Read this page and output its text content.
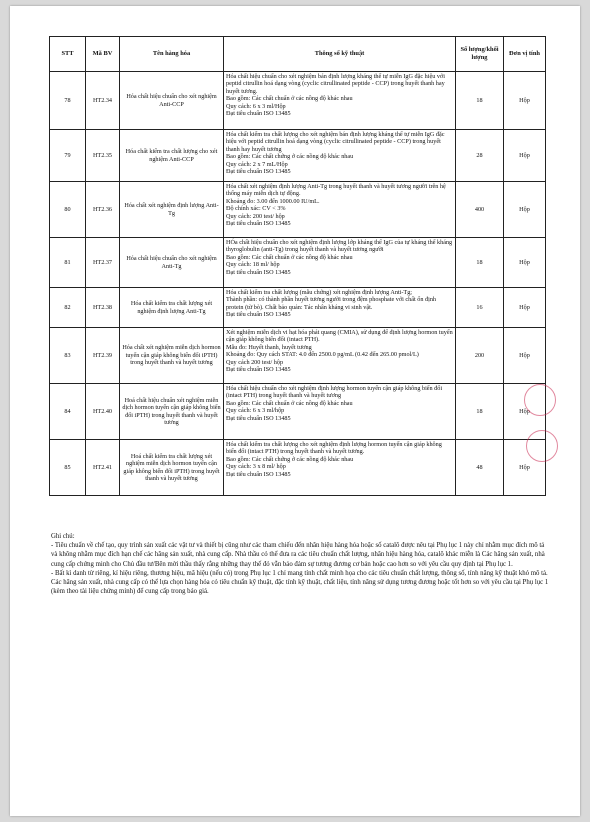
STT	Mã BV	Tên hàng hóa	Thông số kỹ thuật	Số lượng/khối lượng	Đơn vị tính
78	HT2.34	Hóa chất hiệu chuẩn cho xét nghiệm Anti-CCP	Hóa chất hiệu chuẩn cho xét nghiệm bán định lượng kháng thể tự miễn IgG đặc hiệu với peptid citrullin hoá dạng vòng (cyclic citrullinated peptide - CCP) trong huyết thanh hay huyết tương.
Bao gồm: Các chất chuẩn ở các nồng độ khác nhau
Quy cách: 6 x 3 ml/Hộp
Đạt tiêu chuẩn ISO 13485	18	Hộp
79	HT2.35	Hóa chất kiểm tra chất lượng cho xét nghiệm Anti-CCP	Hóa chất kiểm tra chất lượng cho xét nghiệm bán định lượng kháng thể tự miễn IgG đặc hiệu với peptid citrullin hoá dạng vòng (cyclic citrullinated peptide - CCP) trong huyết thanh hay huyết tương
Bao gồm: Các chất chứng ở các nồng độ khác nhau
Quy cách: 2 x 7 mL/Hộp
Đạt tiêu chuẩn ISO 13485	28	Hộp
80	HT2.36	Hóa chất xét nghiệm định lượng Anti-Tg	Hóa chất xét nghiệm định lượng Anti-Tg trong huyết thanh và huyết tương người trên hệ thống máy miễn dịch tự động.
Khoảng đo: 3.00 đến 1000.00 IU/mL.
Độ chính xác: CV < 3%
Quy cách: 200 test/ hộp
Đạt tiêu chuẩn ISO 13485	400	Hộp
81	HT2.37	Hóa chất hiệu chuẩn cho xét nghiệm Anti-Tg	HÓa chất hiệu chuẩn cho xét nghiệm định lượng lớp kháng thể IgG của tự kháng thể kháng thyroglobulin (anti-Tg) trong huyết thanh và huyết tương người
Bao gồm: Các chất chuẩn ở các nồng độ khác nhau
Quy cách: 18 ml/ hộp
Đạt tiêu chuẩn ISO 13485	18	Hộp
82	HT2.38	Hóa chất kiểm tra chất lượng xét nghiệm định lượng Anti-Tg	Hóa chất kiểm tra chất lượng (mẫu chứng) xét nghiệm định lượng Anti-Tg;
Thành phần: có thành phần huyết tương người trong đệm phosphate với chất ổn định protein (từ bò). Chất bảo quản: Tác nhân kháng vi sinh vật.
Đạt tiêu chuẩn ISO 13485	16	Hộp
83	HT2.39	Hóa chất xét nghiệm miễn dịch hormon tuyến cận giáp không biến đổi iPTH) trong huyết thanh và huyết tương	Xét nghiệm miễn dịch vi hạt hóa phát quang (CMIA), sử dụng để định lượng hormon tuyến cận giáp không biến đổi (intact PTH).
Mẫu đo: Huyết thanh, huyết tương
Khoảng đo: Quy cách STAT: 4.0 đến 2500.0 pg/mL (0.42 đến 265.00 pmol/L)
Quy cách 200 test/ hộp
Đạt tiêu chuẩn ISO 13485	200	Hộp
84	HT2.40	Hoá chất hiệu chuẩn xét nghiệm miễn dịch hormon tuyến cận giáp không biến đổi iPTH) trong huyết thanh và huyết tương	Hóa chất hiệu chuẩn cho xét nghiệm định lượng hormon tuyến cận giáp không biến đổi (intact PTH) trong huyết thanh và huyết tương
Bao gồm: Các chất chuẩn ở các nồng độ khác nhau
Quy cách: 6 x 3 ml/hộp
Đạt tiêu chuẩn ISO 13485	18	Hộp
85	HT2.41	Hoá chất kiểm tra chất lượng xét nghiệm miễn dịch hormon tuyến cận giáp không biến đổi iPTH) trong huyết thanh và huyết tương	Hóa chất kiểm tra chất lượng cho xét nghiệm định lượng hormon tuyến cận giáp không biến đổi (intact PTH) trong huyết thanh và huyết tương.
Bao gồm: Các chất chứng ở các nồng độ khác nhau
Quy cách: 3 x 8 ml/ hộp
Đạt tiêu chuẩn ISO 13485	48	Hộp

Ghi chú:

- Tiêu chuẩn về chế tạo, quy trình sản xuất các vật tư và thiết bị cũng như các tham chiếu đến nhãn hiệu hàng hóa hoặc số catalô được nêu tại Phụ lục 1 này chỉ nhằm mục đích mô tả và không nhằm mục đích hạn chế các hãng sản xuất, nhà cung cấp. Nhà thầu có thể đưa ra các tiêu chuẩn chất lượng, nhãn hiệu hàng hóa, catalô khác miễn là Các hãng sản xuất, nhà cung cấp chứng minh cho Chủ đầu tư/Bên mời thầu thấy rằng những thay thế đó vẫn bảo đảm sự tương đương cơ bản hoặc cao hơn so với yêu cầu quy định tại Phụ lục 1.

- Bất kì danh từ riêng, kí hiệu riêng, thương hiệu, mã hiệu (nếu có) trong Phụ lục 1 chỉ mang tính chất minh họa cho các tiêu chuẩn chất lượng, thông số, tính năng kỹ thuật khó mô tả. Các hãng sản xuất, nhà cung cấp có thể lựa chọn hàng hóa có tiêu chuẩn kỹ thuật, đặc tính kỹ thuật, chất liệu, tính năng sử dụng tương đương hoặc tốt hơn so với yêu cầu tại Phụ lục 1 (kèm theo tài liệu chứng minh) để cung cấp trong báo giá.
